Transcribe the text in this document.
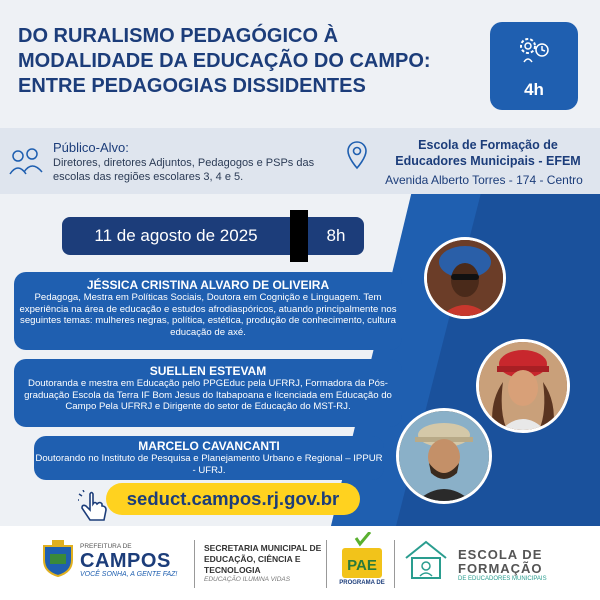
DO RURALISMO PEDAGÓGICO À
MODALIDADE DA EDUCAÇÃO DO CAMPO:
ENTRE PEDAGOGIAS DISSIDENTES	4h
Público-Alvo:
Diretores, diretores Adjuntos, Pedagogos e PSPs das escolas das regiões escolares 3, 4 e 5.
Escola de Formação de
Educadores Municipais - EFEM
Avenida Alberto Torres - 174 - Centro
11 de agosto de 2025	8h
JÉSSICA CRISTINA ALVARO DE OLIVEIRA
Pedagoga, Mestra em Políticas Sociais, Doutora em Cognição e Linguagem. Tem experiência na área de educação e estudos afrodiaspóricos, atuando principalmente nos seguintes temas: mulheres negras, política, estética, produção de conhecimento, cultura educação de axé.
SUELLEN ESTEVAM
Doutoranda e mestra em Educação pelo PPGEduc pela UFRRJ, Formadora da Pós-graduação Escola da Terra IF Bom Jesus do Itabapoana e licenciada em Educação do Campo Pela UFRRJ e Dirigente do setor de Educação do MST-RJ.
MARCELO CAVANCANTI
Doutorando no Instituto de Pesquisa e Planejamento Urbano e Regional – IPPUR - UFRJ.
seduct.campos.rj.gov.br
PREFEITURA DE
CAMPOS
VOCÊ SONHA, A GENTE FAZ!
SECRETARIA MUNICIPAL DE EDUCAÇÃO, CIÊNCIA E TECNOLOGIA
EDUCAÇÃO ILUMINA VIDAS
PAE
PROGRAMA DE
ESCOLA DE
FORMAÇÃO
DE EDUCADORES MUNICIPAIS
